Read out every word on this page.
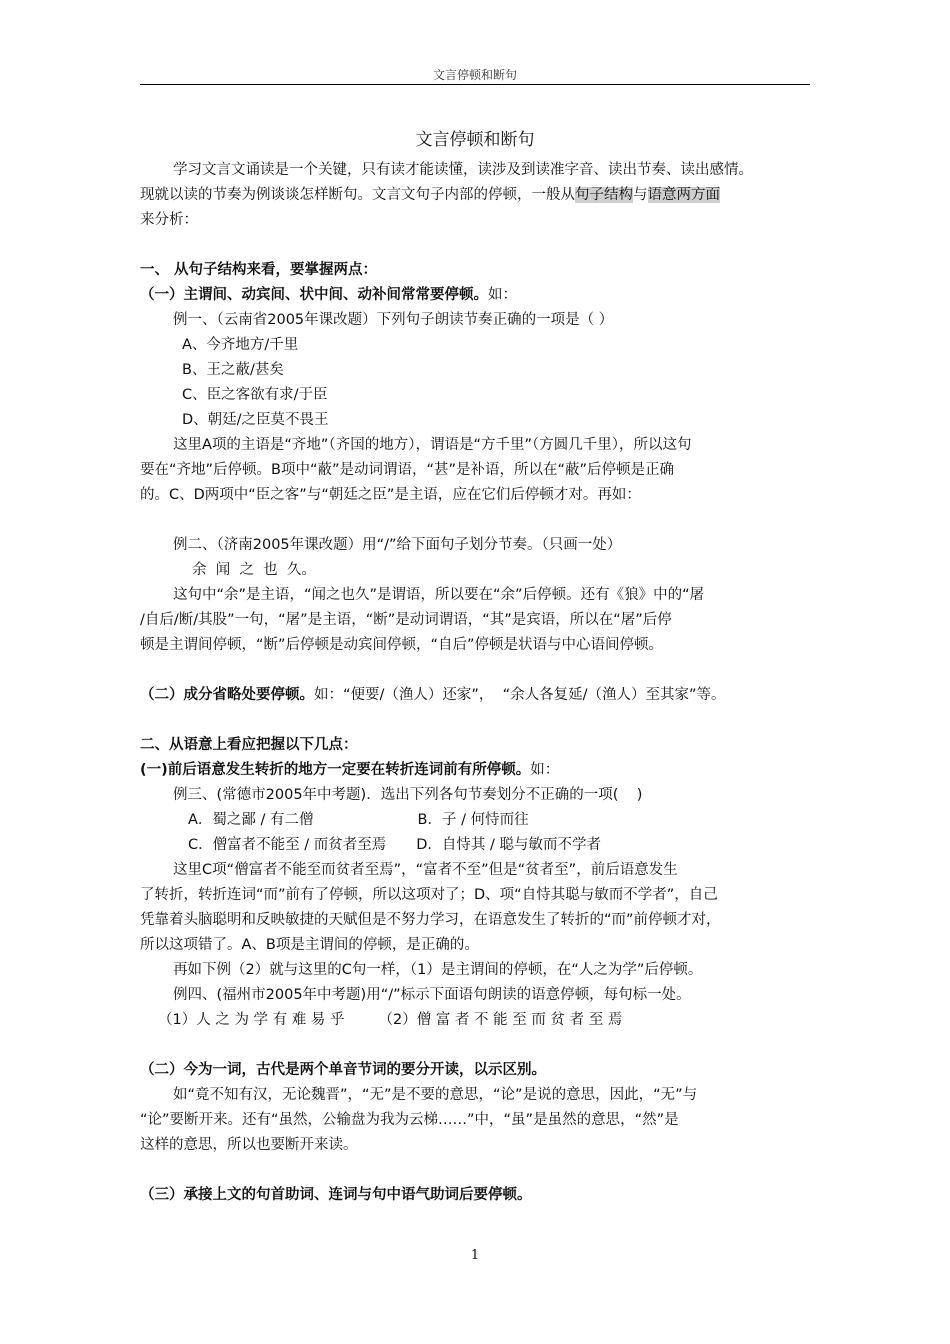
文言停顿和断句
文言停顿和断句
学习文言文诵读是一个关键，只有读才能读懂，读涉及到读准字音、读出节奏、读出感情。
现就以读的节奏为例谈谈怎样断句。文言文句子内部的停顿，一般从句子结构与语意两方面
来分析：
一、 从句子结构来看，要掌握两点：
（一）主谓间、动宾间、状中间、动补间常常要停顿。如：
例一、（云南省2005年课改题）下列句子朗读节奏正确的一项是（ ）
A、今齐地方/千里
B、王之蔽/甚矣
C、臣之客欲有求/于臣
D、朝廷/之臣莫不畏王
这里A项的主语是“齐地”（齐国的地方），谓语是“方千里”（方圆几千里），所以这句
要在“齐地”后停顿。B项中“蔽”是动词谓语，“甚”是补语，所以在“蔽”后停顿是正确
的。C、D两项中“臣之客”与“朝廷之臣”是主语，应在它们后停顿才对。再如：
例二、（济南2005年课改题）用“/”给下面句子划分节奏。（只画一处）
余 闻 之 也 久。
这句中“余”是主语，“闻之也久”是谓语，所以要在“余”后停顿。还有《狼》中的“屠
/自后/断/其股”一句，“屠”是主语，“断”是动词谓语，“其”是宾语，所以在“屠”后停
顿是主谓间停顿，“断”后停顿是动宾间停顿，“自后”停顿是状语与中心语间停顿。
（二）成分省略处要停顿。如：“便要/（渔人）还家”，  “余人各复延/（渔人）至其家”等。
二、从语意上看应把握以下几点：
(一)前后语意发生转折的地方一定要在转折连词前有所停顿。如：
例三、(常德市2005年中考题)．选出下列各句节奏划分不正确的一项(    )
A．蜀之鄙 / 有二僧	B．子 / 何恃而往
C．僧富者不能至 / 而贫者至焉 D．自恃其 / 聪与敏而不学者
这里C项“僧富者不能至而贫者至焉”，“富者不至”但是“贫者至”，前后语意发生
了转折，转折连词“而”前有了停顿，所以这项对了；D、项“自恃其聪与敏而不学者”，自己
凭靠着头脑聪明和反映敏捷的天赋但是不努力学习，在语意发生了转折的“而”前停顿才对，
所以这项错了。A、B项是主谓间的停顿，是正确的。
再如下例（2）就与这里的C句一样，（1）是主谓间的停顿，在“人之为学”后停顿。
例四、(福州市2005年中考题)用“/”标示下面语句朗读的语意停顿，每句标一处。
（1）人 之 为 学 有 难 易 乎 （2）僧 富 者 不 能 至 而 贫 者 至 焉
（二）今为一词，古代是两个单音节词的要分开读，以示区别。
如“竟不知有汉，无论魏晋”，“无”是不要的意思，“论”是说的意思，因此，“无”与
“论”要断开来。还有“虽然，公输盘为我为云梯……”中，“虽”是虽然的意思，“然”是
这样的意思，所以也要断开来读。
（三）承接上文的句首助词、连词与句中语气助词后要停顿。
1
